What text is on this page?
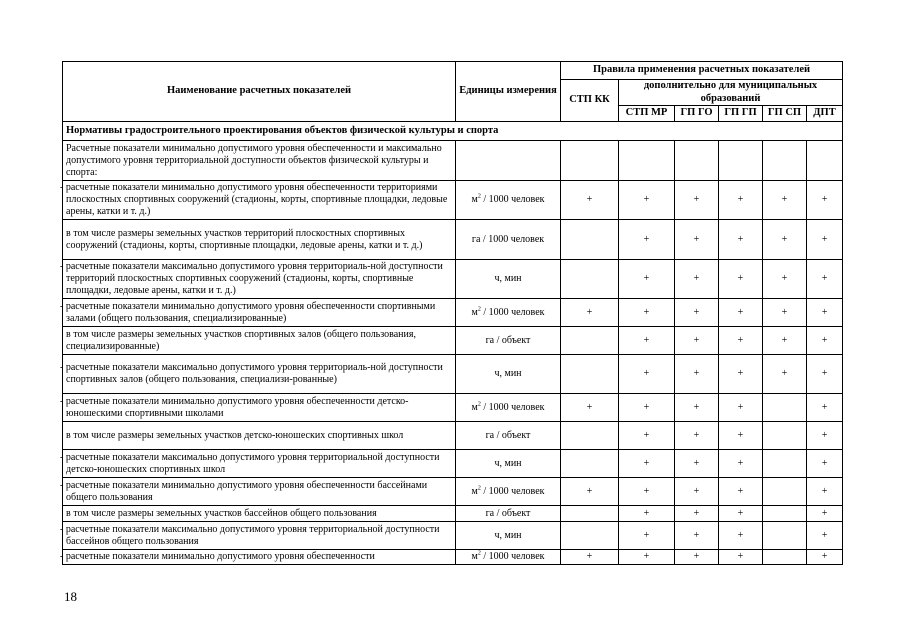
Наименование расчетных показателей	Единицы измерения	Правила применения расчетных показателей					
		СТП КК	дополнительно для муниципальных образований				
			СТП МР	ГП ГО	ГП ГП	ГП СП	ДПТ
Нормативы градостроительного проектирования объектов физической культуры и спорта							
Расчетные показатели минимально допустимого уровня обеспеченности и максимально допустимого уровня территориальной доступности объектов физической культуры и спорта:							
- расчетные показатели минимально допустимого уровня обеспеченности территориями плоскостных спортивных сооружений (стадионы, корты, спортивные площадки, ледовые арены, катки и т. д.)	$м^2 / 1000$ человек	+	+	+	+	+	+
в том числе размеры земельных участков территорий плоскостных спортивных сооружений (стадионы, корты, спортивные площадки, ледовые арены, катки и т. д.)	га / 1000 человек		+	+	+	+	+
- расчетные показатели максимально допустимого уровня территориаль-ной доступности территорий плоскостных спортивных сооружений (стадионы, корты, спортивные площадки, ледовые арены, катки и т. д.)	ч, мин		+	+	+	+	+
- расчетные показатели минимально допустимого уровня обеспеченности спортивными залами (общего пользования, специализированные)	$м^2 / 1000$ человек	+	+	+	+	+	+
в том числе размеры земельных участков спортивных залов (общего пользования, специализированные)	га / объект		+	+	+	+	+
- расчетные показатели максимально допустимого уровня территориаль-ной доступности спортивных залов (общего пользования, специализи-рованные)	ч, мин		+	+	+	+	+
- расчетные показатели минимально допустимого уровня обеспеченности детско-юношескими спортивными школами	$м^2 / 1000$ человек	+	+	+	+		+
в том числе размеры земельных участков детско-юношеских спортивных школ	га / объект		+	+	+		+
- расчетные показатели максимально допустимого уровня территориальной доступности детско-юношеских спортивных школ	ч, мин		+	+	+		+
- расчетные показатели минимально допустимого уровня обеспеченности бассейнами общего пользования	$м^2 / 1000$ человек	+	+	+	+		+
в том числе размеры земельных участков бассейнов общего пользования	га / объект		+	+	+		+
- расчетные показатели максимально допустимого уровня территориальной доступности бассейнов общего пользования	ч, мин		+	+	+		+
- расчетные показатели минимально допустимого уровня обеспеченности	$м^2 / 1000$ человек	+	+	+	+		+
18
